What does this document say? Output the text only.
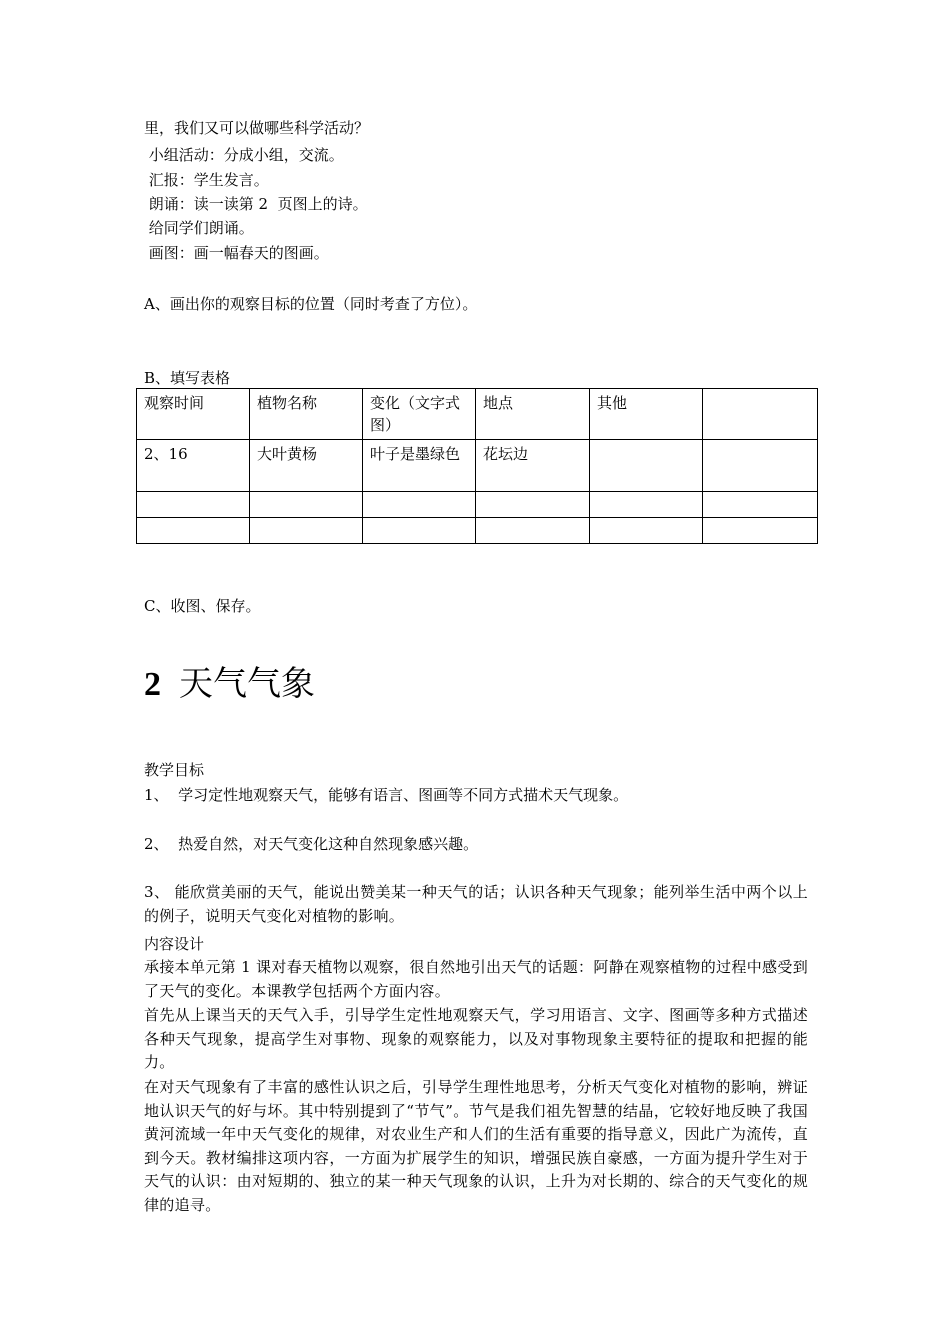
里，我们又可以做哪些科学活动？
小组活动：分成小组，交流。
汇报：学生发言。
朗诵：读一读第 2  页图上的诗。
给同学们朗诵。
画图：画一幅春天的图画。
A、画出你的观察目标的位置（同时考查了方位）。
B、填写表格
观察时间	植物名称	变化（文字式图）	地点	其他	
2、16	大叶黄杨	叶子是墨绿色	花坛边		

C、收图、保存。
2 天气气象
教学目标
1、  学习定性地观察天气，能够有语言、图画等不同方式描术天气现象。
2、  热爱自然，对天气变化这种自然现象感兴趣。
3、 能欣赏美丽的天气，能说出赞美某一种天气的话；认识各种天气现象；能列举生活中两个以上的例子，说明天气变化对植物的影响。
内容设计
承接本单元第 1 课对春天植物以观察，很自然地引出天气的话题：阿静在观察植物的过程中感受到了天气的变化。本课教学包括两个方面内容。
首先从上课当天的天气入手，引导学生定性地观察天气，学习用语言、文字、图画等多种方式描述各种天气现象，提高学生对事物、现象的观察能力，以及对事物现象主要特征的提取和把握的能力。
在对天气现象有了丰富的感性认识之后，引导学生理性地思考，分析天气变化对植物的影响，辨证地认识天气的好与坏。其中特别提到了“节气”。节气是我们祖先智慧的结晶，它较好地反映了我国黄河流域一年中天气变化的规律，对农业生产和人们的生活有重要的指导意义，因此广为流传，直到今天。教材编排这项内容，一方面为扩展学生的知识，增强民族自豪感，一方面为提升学生对于天气的认识：由对短期的、独立的某一种天气现象的认识，上升为对长期的、综合的天气变化的规律的追寻。
